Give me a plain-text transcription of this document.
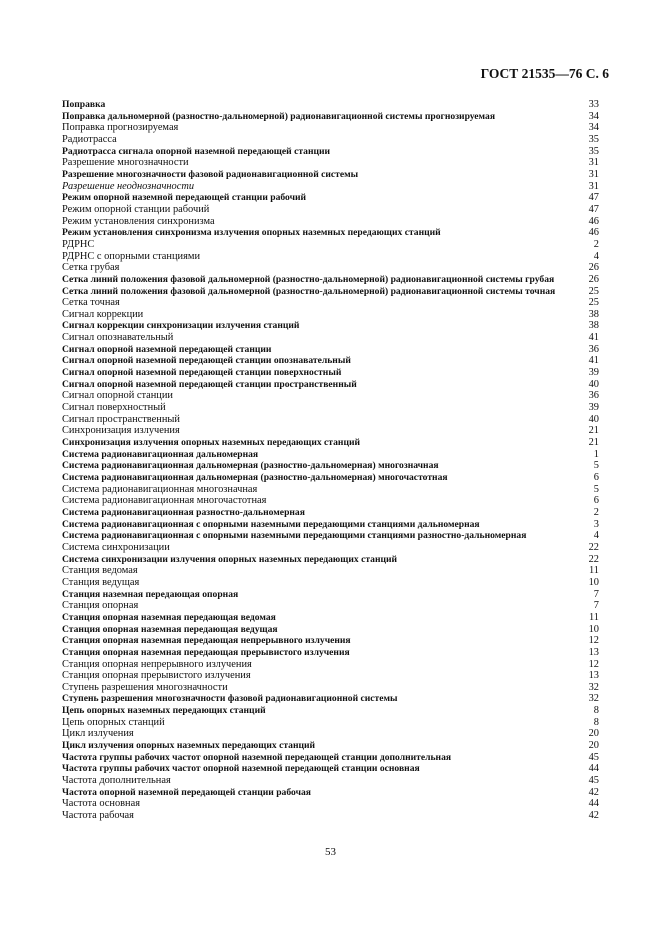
ГОСТ 21535—76 С. 6
Поправка	33
Поправка дальномерной (разностно-дальномерной) радионавигационной системы прогнозируемая	34
Поправка прогнозируемая	34
Радиотрасса	35
Радиотрасса сигнала опорной наземной передающей станции	35
Разрешение многозначности	31
Разрешение многозначности фазовой радионавигационной системы	31
Разрешение неоднозначности	31
Режим опорной наземной передающей станции рабочий	47
Режим опорной станции рабочий	47
Режим установления синхронизма	46
Режим установления синхронизма излучения опорных наземных передающих станций	46
РДРНС	2
РДРНС с опорными станциями	4
Сетка грубая	26
Сетка линий положения фазовой дальномерной (разностно-дальномерной) радионавигационной системы грубая	26
Сетка линий положения фазовой дальномерной (разностно-дальномерной) радионавигационной системы точная	25
Сетка точная	25
Сигнал коррекции	38
Сигнал коррекции синхронизации излучения станций	38
Сигнал опознавательный	41
Сигнал опорной наземной передающей станции	36
Сигнал опорной наземной передающей станции опознавательный	41
Сигнал опорной наземной передающей станции поверхностный	39
Сигнал опорной наземной передающей станции пространственный	40
Сигнал опорной станции	36
Сигнал поверхностный	39
Сигнал пространственный	40
Синхронизация излучения	21
Синхронизация излучения опорных наземных передающих станций	21
Система радионавигационная дальномерная	1
Система радионавигационная дальномерная (разностно-дальномерная) многозначная	5
Система радионавигационная дальномерная (разностно-дальномерная) многочастотная	6
Система радионавигационная многозначная	5
Система радионавигационная многочастотная	6
Система радионавигационная разностно-дальномерная	2
Система радионавигационная с опорными наземными передающими станциями дальномерная	3
Система радионавигационная с опорными наземными передающими станциями разностно-дальномерная	4
Система синхронизации	22
Система синхронизации излучения опорных наземных передающих станций	22
Станция ведомая	11
Станция ведущая	10
Станция наземная передающая опорная	7
Станция опорная	7
Станция опорная наземная передающая ведомая	11
Станция опорная наземная передающая ведущая	10
Станция опорная наземная передающая непрерывного излучения	12
Станция опорная наземная передающая прерывистого излучения	13
Станция опорная непрерывного излучения	12
Станция опорная прерывистого излучения	13
Ступень разрешения многозначности	32
Ступень разрешения многозначности фазовой радионавигационной системы	32
Цепь опорных наземных передающих станций	8
Цепь опорных станций	8
Цикл излучения	20
Цикл излучения опорных наземных передающих станций	20
Частота группы рабочих частот опорной наземной передающей станции дополнительная	45
Частота группы рабочих частот опорной наземной передающей станции основная	44
Частота дополнительная	45
Частота опорной наземной передающей станции рабочая	42
Частота основная	44
Частота рабочая	42
53
